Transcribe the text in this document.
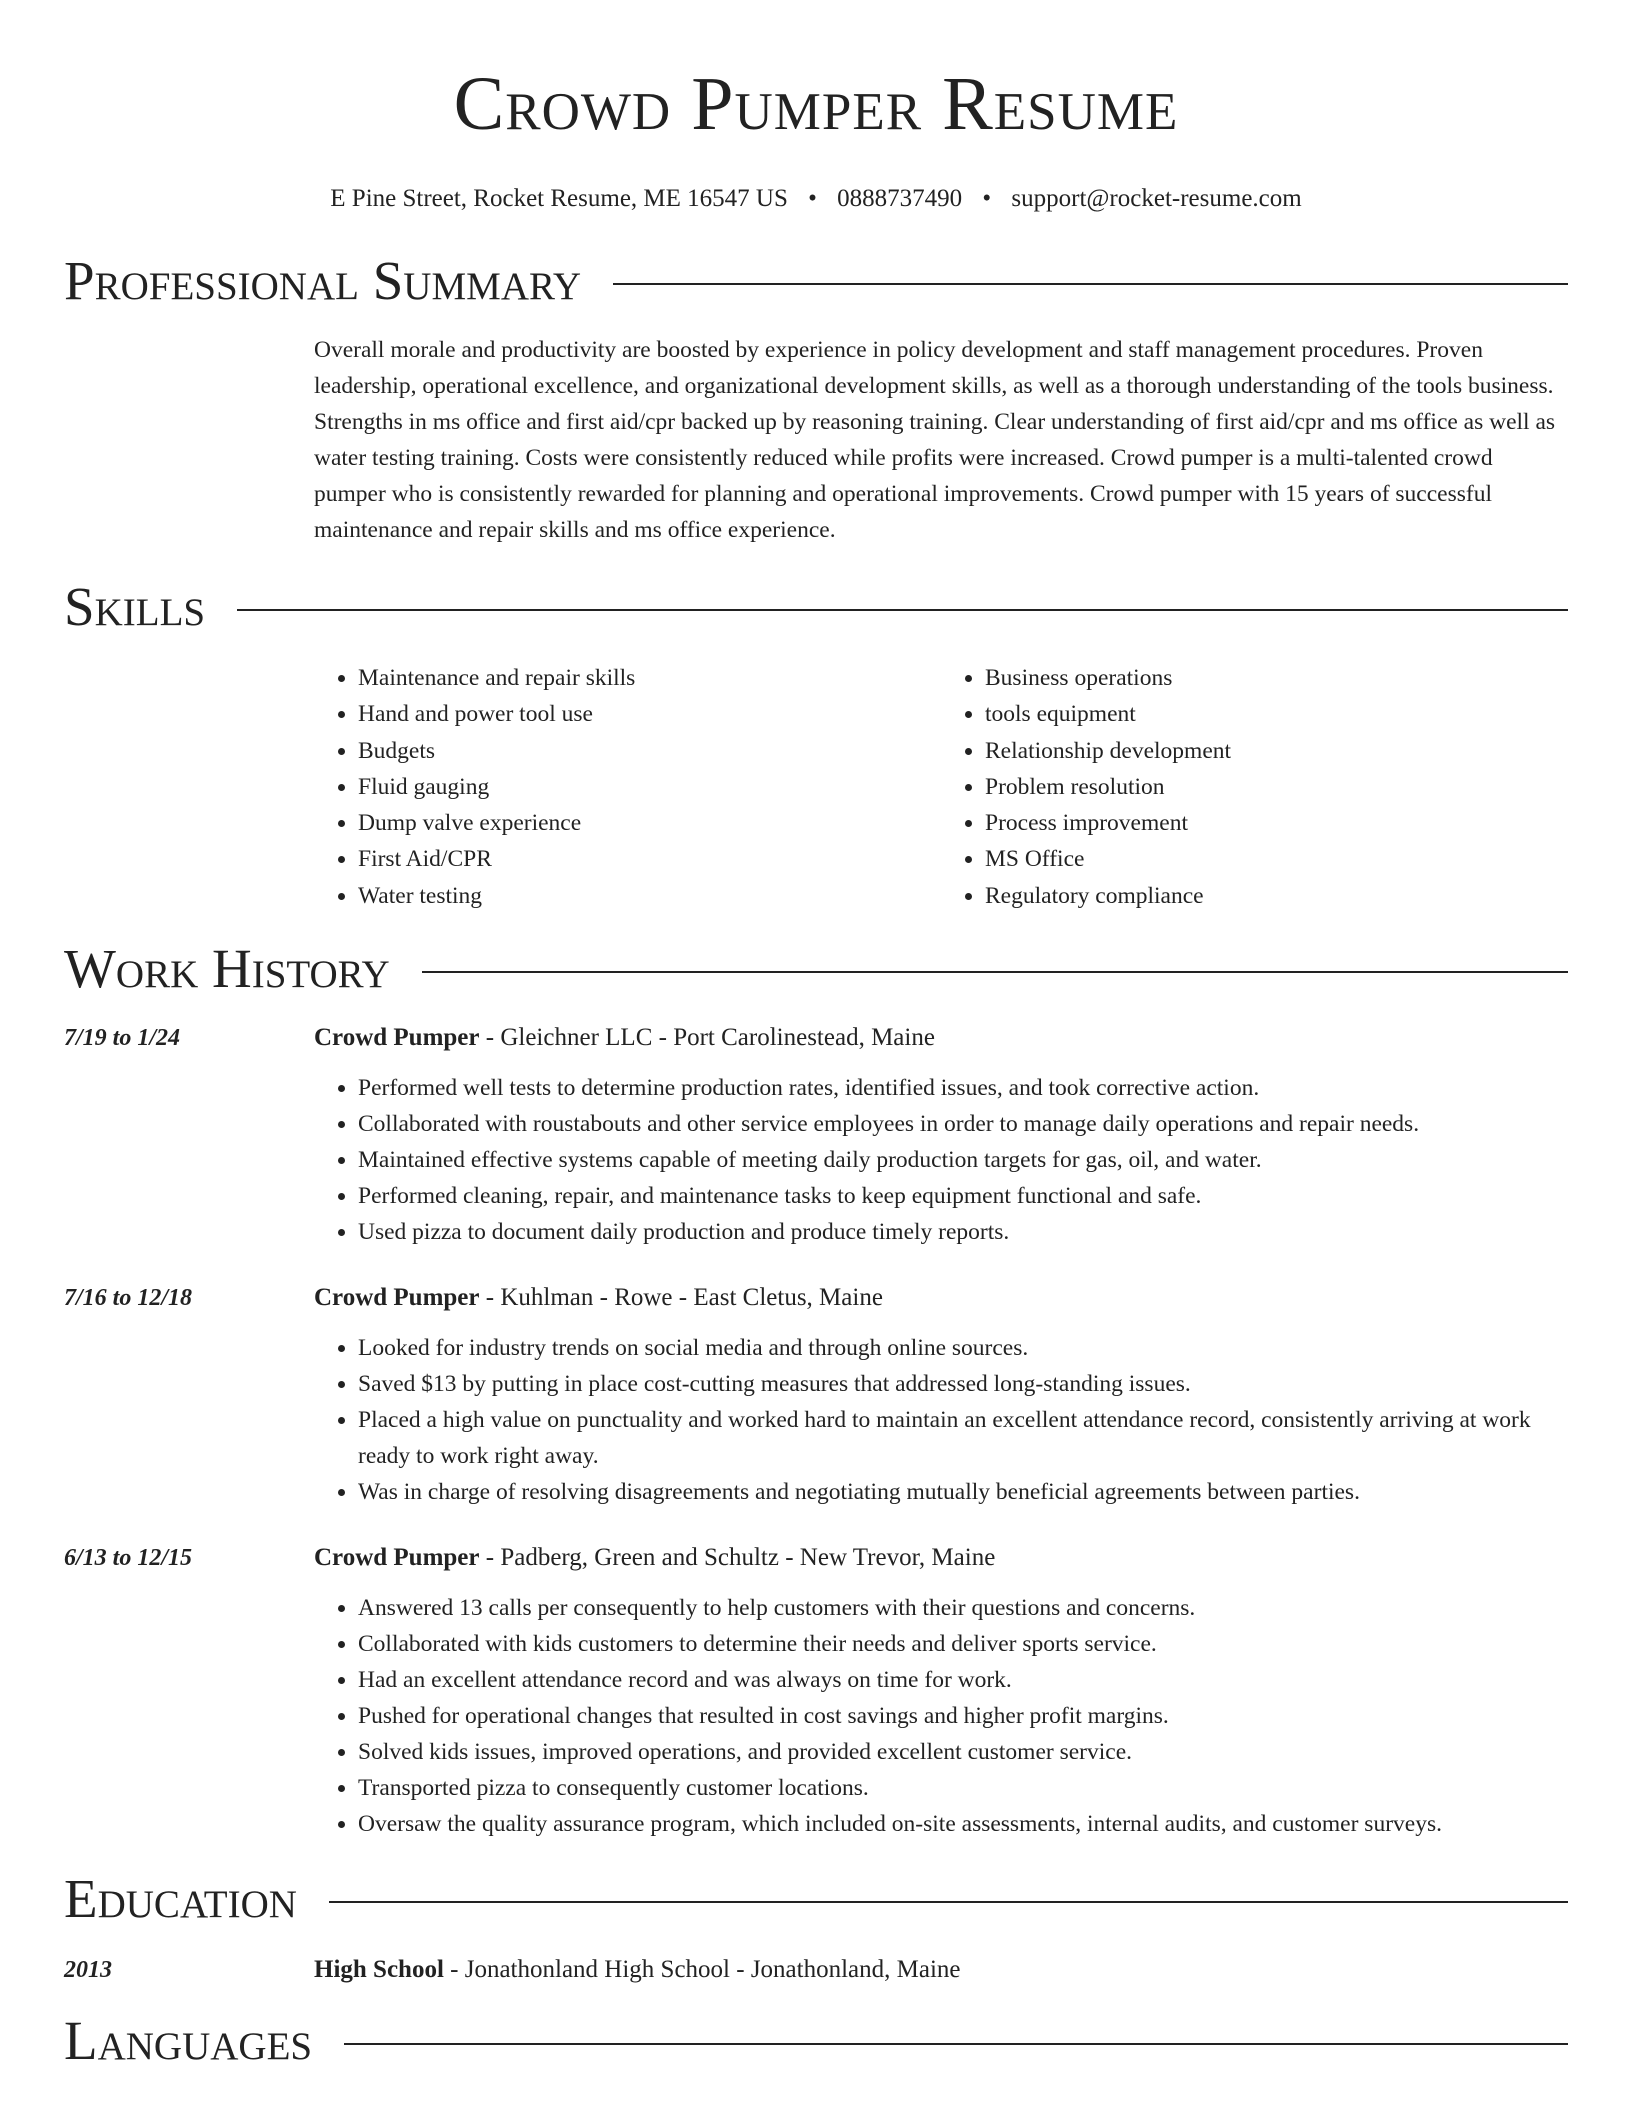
Crowd Pumper Resume
E Pine Street, Rocket Resume, ME 16547 US • 0888737490 • support@rocket-resume.com
Professional Summary

Overall morale and productivity are boosted by experience in policy development and staff management procedures. Proven leadership, operational excellence, and organizational development skills, as well as a thorough understanding of the tools business. Strengths in ms office and first aid/cpr backed up by reasoning training. Clear understanding of first aid/cpr and ms office as well as water testing training. Costs were consistently reduced while profits were increased. Crowd pumper is a multi-talented crowd pumper who is consistently rewarded for planning and operational improvements. Crowd pumper with 15 years of successful maintenance and repair skills and ms office experience.

Skills
• Maintenance and repair skills
• Hand and power tool use
• Budgets
• Fluid gauging
• Dump valve experience
• First Aid/CPR
• Water testing
• Business operations
• tools equipment
• Relationship development
• Problem resolution
• Process improvement
• MS Office
• Regulatory compliance
Work History
7/19 to 1/24	Crowd Pumper - Gleichner LLC - Port Carolinestead, Maine
• Performed well tests to determine production rates, identified issues, and took corrective action.
• Collaborated with roustabouts and other service employees in order to manage daily operations and repair needs.
• Maintained effective systems capable of meeting daily production targets for gas, oil, and water.
• Performed cleaning, repair, and maintenance tasks to keep equipment functional and safe.
• Used pizza to document daily production and produce timely reports.
7/16 to 12/18	Crowd Pumper - Kuhlman - Rowe - East Cletus, Maine
• Looked for industry trends on social media and through online sources.
• Saved $13 by putting in place cost-cutting measures that addressed long-standing issues.
• Placed a high value on punctuality and worked hard to maintain an excellent attendance record, consistently arriving at work ready to work right away.
• Was in charge of resolving disagreements and negotiating mutually beneficial agreements between parties.
6/13 to 12/15	Crowd Pumper - Padberg, Green and Schultz - New Trevor, Maine
• Answered 13 calls per consequently to help customers with their questions and concerns.
• Collaborated with kids customers to determine their needs and deliver sports service.
• Had an excellent attendance record and was always on time for work.
• Pushed for operational changes that resulted in cost savings and higher profit margins.
• Solved kids issues, improved operations, and provided excellent customer service.
• Transported pizza to consequently customer locations.
• Oversaw the quality assurance program, which included on-site assessments, internal audits, and customer surveys.
Education
2013	High School - Jonathonland High School - Jonathonland, Maine
Languages
